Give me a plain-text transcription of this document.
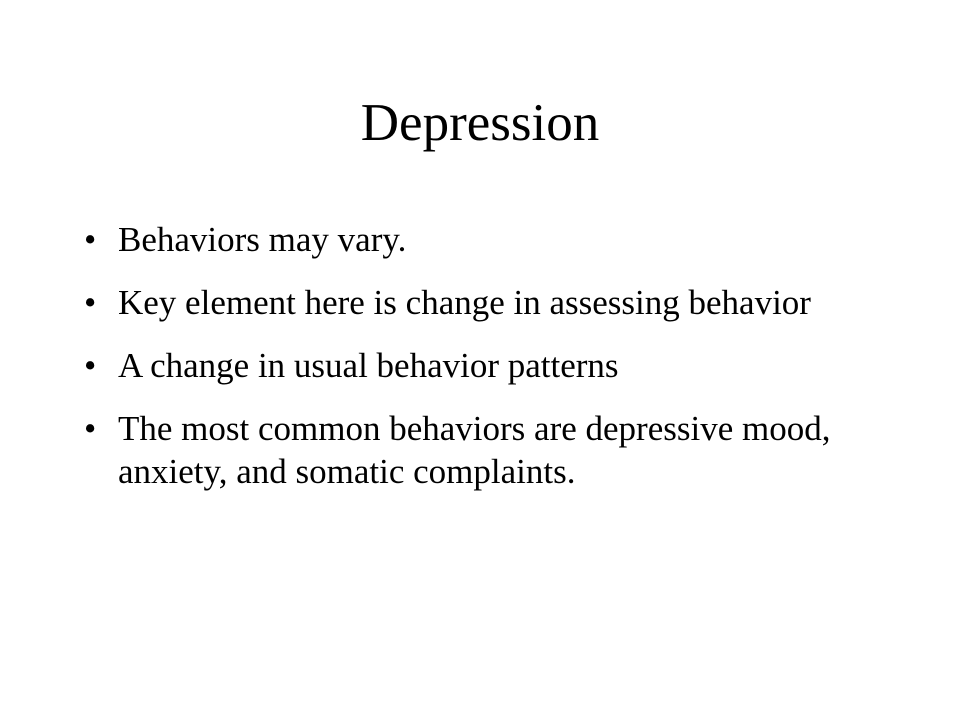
Depression
• Behaviors may vary.
• Key element here is change in assessing behavior
• A change in usual behavior patterns
• The most common behaviors are depressive mood, anxiety, and somatic complaints.
